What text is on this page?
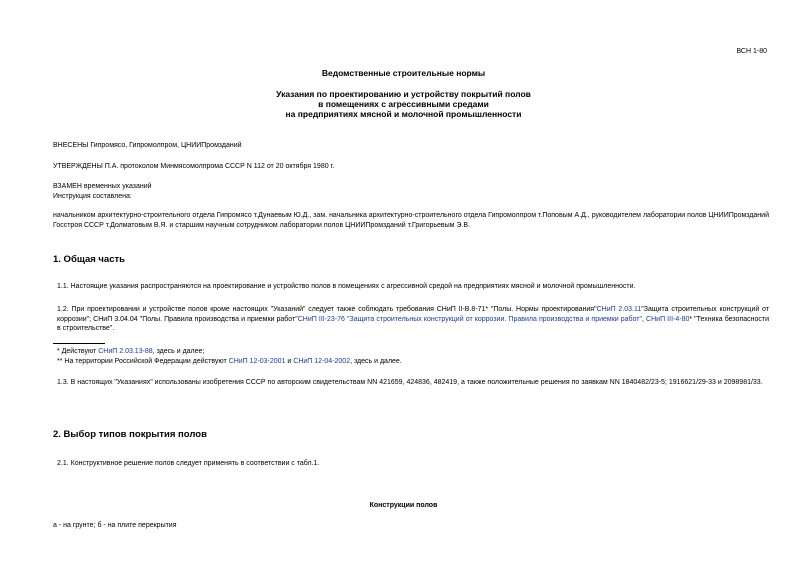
ВСН 1-80
Ведомственные строительные нормы
Указания по проектированию и устройству покрытий полов
в помещениях с агрессивными средами
на предприятиях мясной и молочной промышленности
ВНЕСЕНЫ Гипромясо, Гипромолпром, ЦНИИПромзданий
УТВЕРЖДЕНЫ П.А. протоколом Минмясомолпрома СССР N 112 от 20 октября 1980 г.
ВЗАМЕН временных указаний
Инструкция составлена:
начальником архитектурно-строительного отдела Гипромясо т.Дунаевым Ю.Д., зам. начальника архитектурно-строительного отдела Гипромолпром т.Поповым А.Д., руководителем лаборатории полов ЦНИИПромзданий Госстроя СССР т.Долматовым В.Я. и старшим научным сотрудником лаборатории полов ЦНИИПромзданий т.Григорьевым Э.В.
1. Общая часть
1.1. Настоящие указания распространяются на проектирование и устройство полов в помещениях с агрессивной средой на предприятиях мясной и молочной промышленности.
1.2. При проектировании и устройстве полов кроме настоящих "Указаний" следует также соблюдать требования СНиП II-В.8-71* "Полы. Нормы проектирования"СНиП 2.03.11"Защита строительных конструкций от коррозии"; СНиП 3.04.04 "Полы. Правила производства и приемки работ"СНиП III-23-76 "Защита строительных конструкций от коррозии. Правила производства и приемки работ", СНиП III-4-80* "Техника безопасности в строительстве".
* Действуют СНиП 2.03.13-88, здесь и далее;
** На территории Российской Федерации действуют СНиП 12-03-2001 и СНиП 12-04-2002, здесь и далее.
1.3. В настоящих "Указаниях" использованы изобретения СССР по авторским свидетельствам NN 421659, 424836, 482419, а также положительные решения по заявкам NN 1840482/23-5; 1916621/29-33 и 2098981/33.
2. Выбор типов покрытия полов
2.1. Конструктивное решение полов следует применять в соответствии с табл.1.
Конструкции полов
а - на грунте; б - на плите перекрытия
